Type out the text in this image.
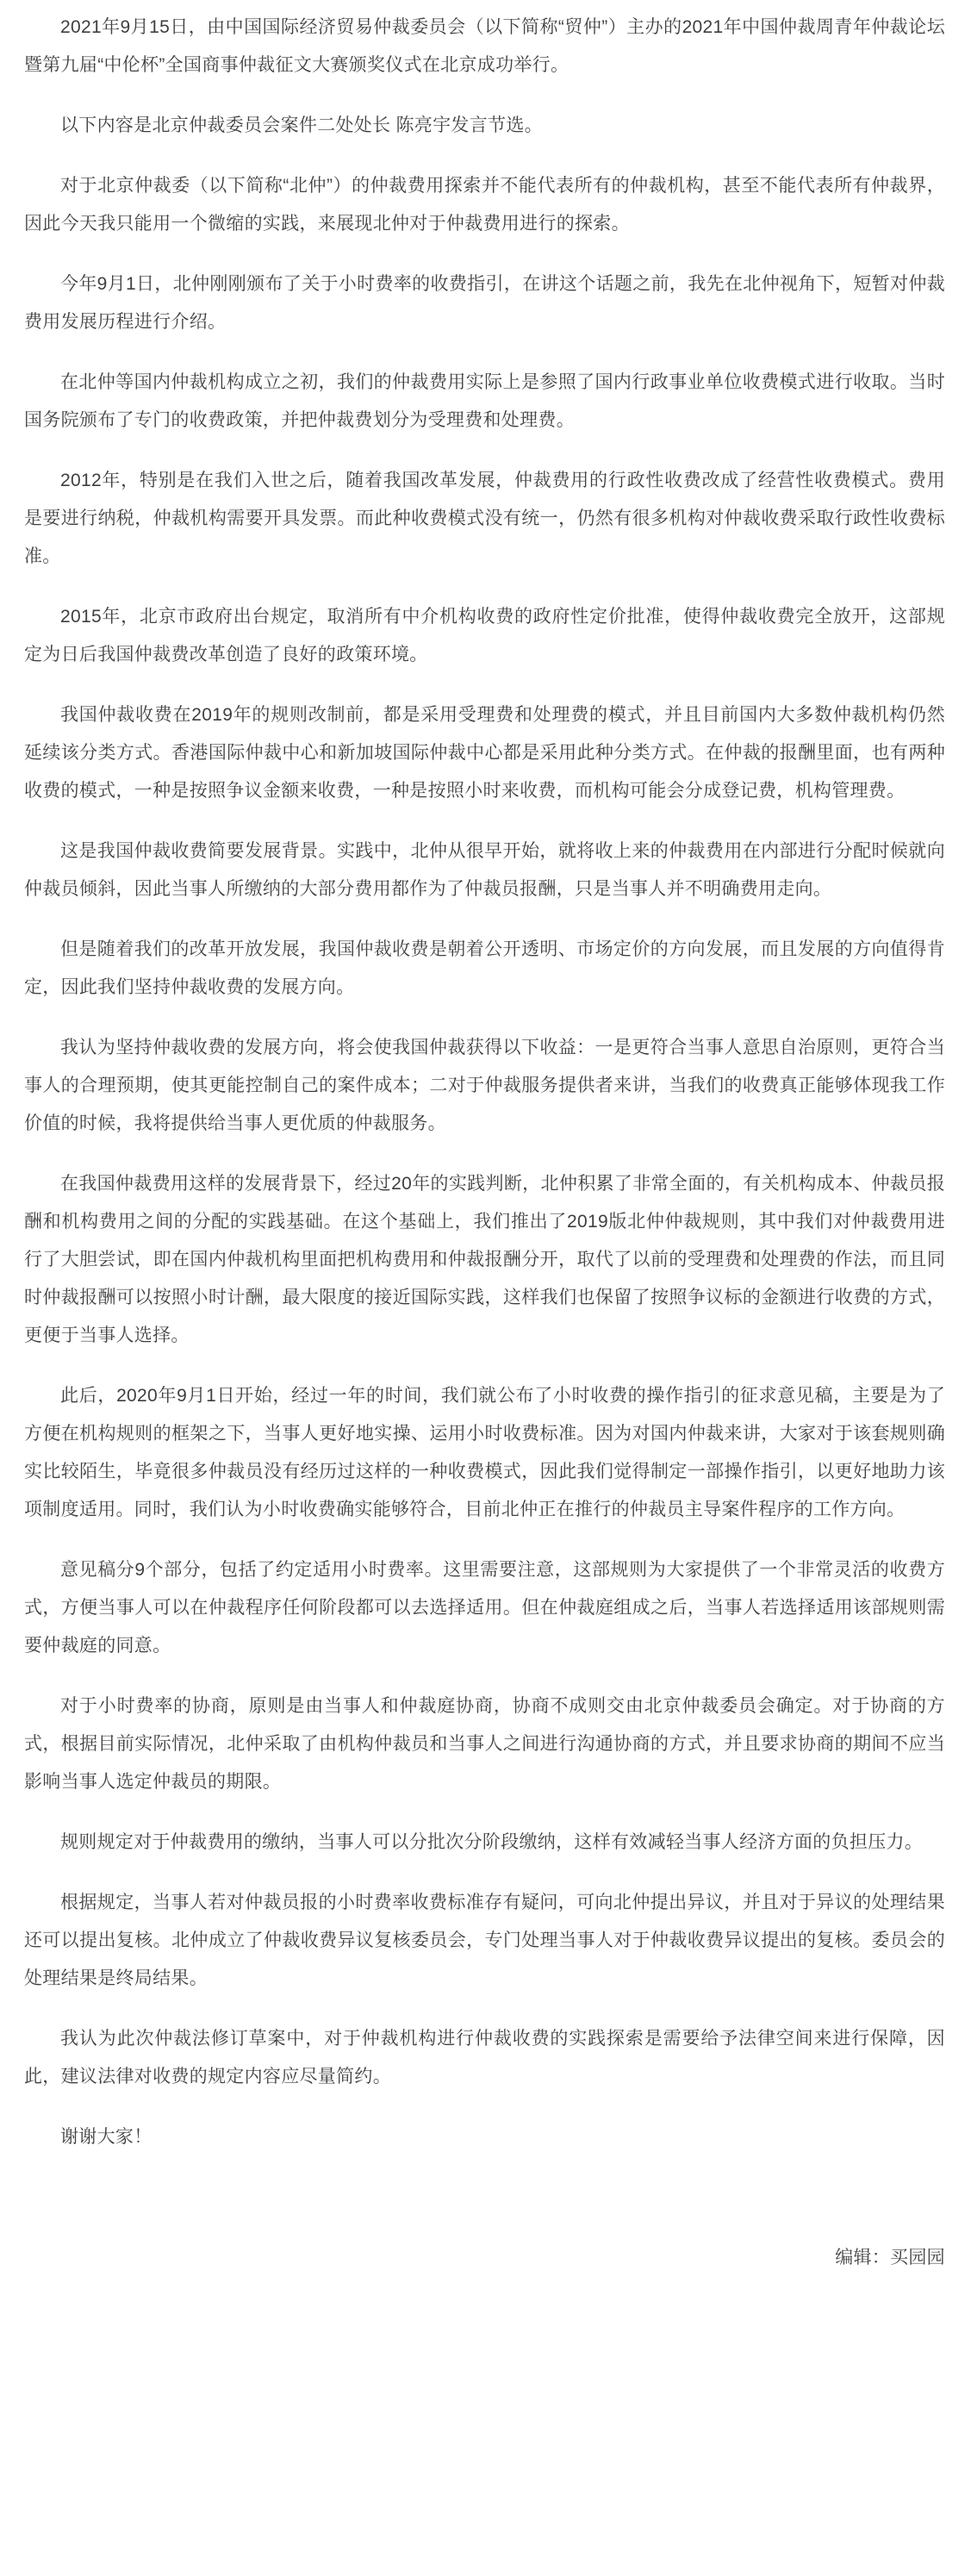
2021年9月15日，由中国国际经济贸易仲裁委员会（以下简称“贸仲”）主办的2021年中国仲裁周青年仲裁论坛暨第九届“中伦杯”全国商事仲裁征文大赛颁奖仪式在北京成功举行。

以下内容是北京仲裁委员会案件二处处长 陈亮宇发言节选。

对于北京仲裁委（以下简称“北仲”）的仲裁费用探索并不能代表所有的仲裁机构，甚至不能代表所有仲裁界，因此今天我只能用一个微缩的实践，来展现北仲对于仲裁费用进行的探索。

今年9月1日，北仲刚刚颁布了关于小时费率的收费指引，在讲这个话题之前，我先在北仲视角下，短暂对仲裁费用发展历程进行介绍。

在北仲等国内仲裁机构成立之初，我们的仲裁费用实际上是参照了国内行政事业单位收费模式进行收取。当时国务院颁布了专门的收费政策，并把仲裁费划分为受理费和处理费。

2012年，特别是在我们入世之后，随着我国改革发展，仲裁费用的行政性收费改成了经营性收费模式。费用是要进行纳税，仲裁机构需要开具发票。而此种收费模式没有统一，仍然有很多机构对仲裁收费采取行政性收费标准。

2015年，北京市政府出台规定，取消所有中介机构收费的政府性定价批准，使得仲裁收费完全放开，这部规定为日后我国仲裁费改革创造了良好的政策环境。

我国仲裁收费在2019年的规则改制前，都是采用受理费和处理费的模式，并且目前国内大多数仲裁机构仍然延续该分类方式。香港国际仲裁中心和新加坡国际仲裁中心都是采用此种分类方式。在仲裁的报酬里面，也有两种收费的模式，一种是按照争议金额来收费，一种是按照小时来收费，而机构可能会分成登记费，机构管理费。

这是我国仲裁收费简要发展背景。实践中，北仲从很早开始，就将收上来的仲裁费用在内部进行分配时候就向仲裁员倾斜，因此当事人所缴纳的大部分费用都作为了仲裁员报酬，只是当事人并不明确费用走向。

但是随着我们的改革开放发展，我国仲裁收费是朝着公开透明、市场定价的方向发展，而且发展的方向值得肯定，因此我们坚持仲裁收费的发展方向。

我认为坚持仲裁收费的发展方向，将会使我国仲裁获得以下收益：一是更符合当事人意思自治原则，更符合当事人的合理预期，使其更能控制自己的案件成本；二对于仲裁服务提供者来讲，当我们的收费真正能够体现我工作价值的时候，我将提供给当事人更优质的仲裁服务。

在我国仲裁费用这样的发展背景下，经过20年的实践判断，北仲积累了非常全面的，有关机构成本、仲裁员报酬和机构费用之间的分配的实践基础。在这个基础上，我们推出了2019版北仲仲裁规则，其中我们对仲裁费用进行了大胆尝试，即在国内仲裁机构里面把机构费用和仲裁报酬分开，取代了以前的受理费和处理费的作法，而且同时仲裁报酬可以按照小时计酬，最大限度的接近国际实践，这样我们也保留了按照争议标的金额进行收费的方式，更便于当事人选择。

此后，2020年9月1日开始，经过一年的时间，我们就公布了小时收费的操作指引的征求意见稿，主要是为了方便在机构规则的框架之下，当事人更好地实操、运用小时收费标准。因为对国内仲裁来讲，大家对于该套规则确实比较陌生，毕竟很多仲裁员没有经历过这样的一种收费模式，因此我们觉得制定一部操作指引，以更好地助力该项制度适用。同时，我们认为小时收费确实能够符合，目前北仲正在推行的仲裁员主导案件程序的工作方向。

意见稿分9个部分，包括了约定适用小时费率。这里需要注意，这部规则为大家提供了一个非常灵活的收费方式，方便当事人可以在仲裁程序任何阶段都可以去选择适用。但在仲裁庭组成之后，当事人若选择适用该部规则需要仲裁庭的同意。

对于小时费率的协商，原则是由当事人和仲裁庭协商，协商不成则交由北京仲裁委员会确定。对于协商的方式，根据目前实际情况，北仲采取了由机构仲裁员和当事人之间进行沟通协商的方式，并且要求协商的期间不应当影响当事人选定仲裁员的期限。

规则规定对于仲裁费用的缴纳，当事人可以分批次分阶段缴纳，这样有效减轻当事人经济方面的负担压力。

根据规定，当事人若对仲裁员报的小时费率收费标准存有疑问，可向北仲提出异议，并且对于异议的处理结果还可以提出复核。北仲成立了仲裁收费异议复核委员会，专门处理当事人对于仲裁收费异议提出的复核。委员会的处理结果是终局结果。

我认为此次仲裁法修订草案中，对于仲裁机构进行仲裁收费的实践探索是需要给予法律空间来进行保障，因此，建议法律对收费的规定内容应尽量简约。

谢谢大家！

编辑：买园园
